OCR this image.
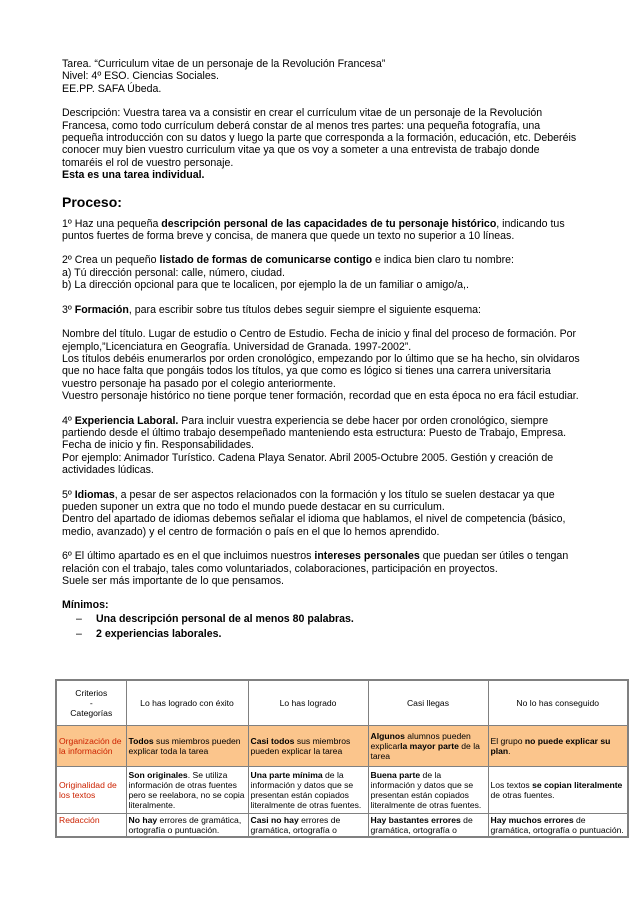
Tarea. “Curriculum vitae de un personaje de la Revolución Francesa”

Nivel: 4º ESO. Ciencias Sociales.

EE.PP. SAFA Úbeda.

Descripción: Vuestra tarea va a consistir en crear el currículum vitae de un personaje de la Revolución Francesa, como todo currículum deberá constar de al menos tres partes: una pequeña fotografía, una pequeña introducción con su datos y luego la parte que corresponda a la formación, educación, etc. Deberéis conocer muy bien vuestro curriculum vitae ya que os voy a someter a una entrevista de trabajo donde tomaréis el rol de vuestro personaje.
Esta es una tarea individual.

Proceso:

1º Haz una pequeña descripción personal de las capacidades de tu personaje histórico, indicando tus puntos fuertes de forma breve y concisa, de manera que quede un texto no superior a 10 líneas.

2º Crea un pequeño listado de formas de comunicarse contigo e indica bien claro tu nombre:
a) Tú dirección personal: calle, número, ciudad.
b) La dirección opcional para que te localicen, por ejemplo la de un familiar o amigo/a,.

3º Formación, para escribir sobre tus títulos debes seguir siempre el siguiente esquema:

Nombre del título. Lugar de estudio o Centro de Estudio. Fecha de inicio y final del proceso de formación. Por ejemplo,”Licenciatura en Geografía. Universidad de Granada. 1997-2002”.
Los títulos debéis enumerarlos por orden cronológico, empezando por lo último que se ha hecho, sin olvidaros que no hace falta que pongáis todos los títulos, ya que como es lógico si tienes una carrera universitaria vuestro personaje ha pasado por el colegio anteriormente.
Vuestro personaje histórico no tiene porque tener formación, recordad que en esta época no era fácil estudiar.

4º Experiencia Laboral. Para incluir vuestra experiencia se debe hacer por orden cronológico, siempre partiendo desde el último trabajo desempeñado manteniendo esta estructura: Puesto de Trabajo, Empresa. Fecha de inicio y fin. Responsabilidades.
Por ejemplo: Animador Turístico. Cadena Playa Senator. Abril 2005-Octubre 2005. Gestión y creación de actividades lúdicas.

5º Idiomas, a pesar de ser aspectos relacionados con la formación y los título se suelen destacar ya que pueden suponer un extra que no todo el mundo puede destacar en su curriculum.
Dentro del apartado de idiomas debemos señalar el idioma que hablamos, el nivel de competencia (básico, medio, avanzado) y el centro de formación o país en el que lo hemos aprendido.

6º El último apartado es en el que incluimos nuestros intereses personales que puedan ser útiles o tengan relación con el trabajo, tales como voluntariados, colaboraciones, participación en proyectos.
Suele ser más importante de lo que pensamos.

Mínimos:

– Una descripción personal de al menos 80 palabras.
– 2 experiencias laborales.
Criterios
-
Categorías	Lo has logrado con éxito	Lo has logrado	Casi llegas	No lo has conseguido
Organización de la información	Todos sus miembros pueden explicar toda la tarea	Casi todos sus miembros pueden explicar la tarea	Algunos alumnos pueden explicarla mayor parte de la tarea	El grupo no puede explicar su plan.
Originalidad de los textos	Son originales. Se utiliza información de otras fuentes pero se reelabora, no se copia literalmente.	Una parte mínima de la información y datos que se presentan están copiados literalmente de otras fuentes.	Buena parte de la información y datos que se presentan están copiados literalmente de otras fuentes.	Los textos se copian literalmente de otras fuentes.
Redacción	No hay errores de gramática, ortografía o puntuación.	Casi no hay errores de gramática, ortografía o	Hay bastantes errores de gramática, ortografía o	Hay muchos errores de gramática, ortografía o puntuación.
